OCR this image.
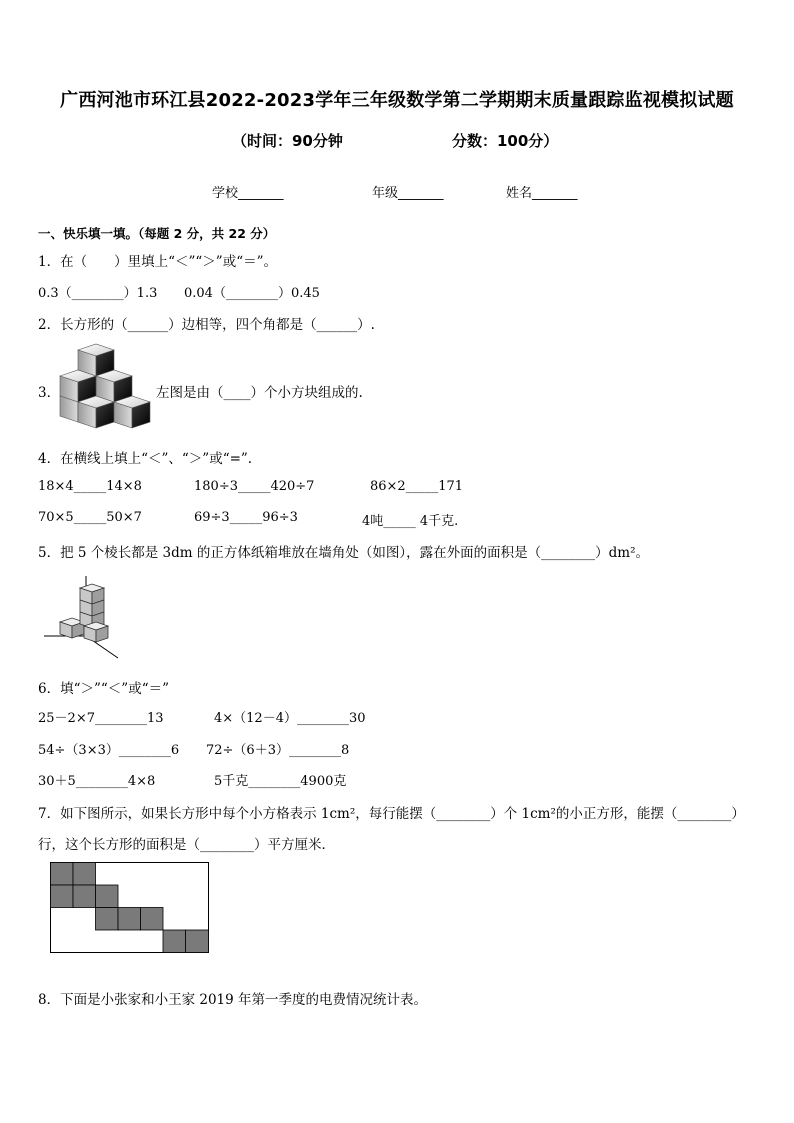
广西河池市环江县2022-2023学年三年级数学第二学期期末质量跟踪监视模拟试题
（时间：90分钟	分数：100分）
学校_______	年级_______	姓名_______
一、快乐填一填。（每题 2 分，共 22 分）
1．在（　　）里填上“＜”“＞”或“＝”。
0.3（________）1.3 0.04（________）0.45
2．长方形的（______）边相等，四个角都是（______）.
3．	左图是由（____）个小方块组成的.
4．在横线上填上“＜”、“＞”或“=”.
18×4_____14×8	180÷3_____420÷7	86×2_____171
70×5_____50×7	69÷3_____96÷3	4吨_____ 4千克.
5．把 5 个棱长都是 3dm 的正方体纸箱堆放在墙角处（如图），露在外面的面积是（________）dm²。
6．填“＞”“＜”或“＝”
25－2×7________13	4×（12－4）________30
54÷（3×3）________6 72÷（6＋3）________8
30＋5________4×8	5千克________4900克
7．如下图所示，如果长方形中每个小方格表示 1cm²，每行能摆（________）个 1cm²的小正方形，能摆（________）
行，这个长方形的面积是（________）平方厘米．
8．下面是小张家和小王家 2019 年第一季度的电费情况统计表。
